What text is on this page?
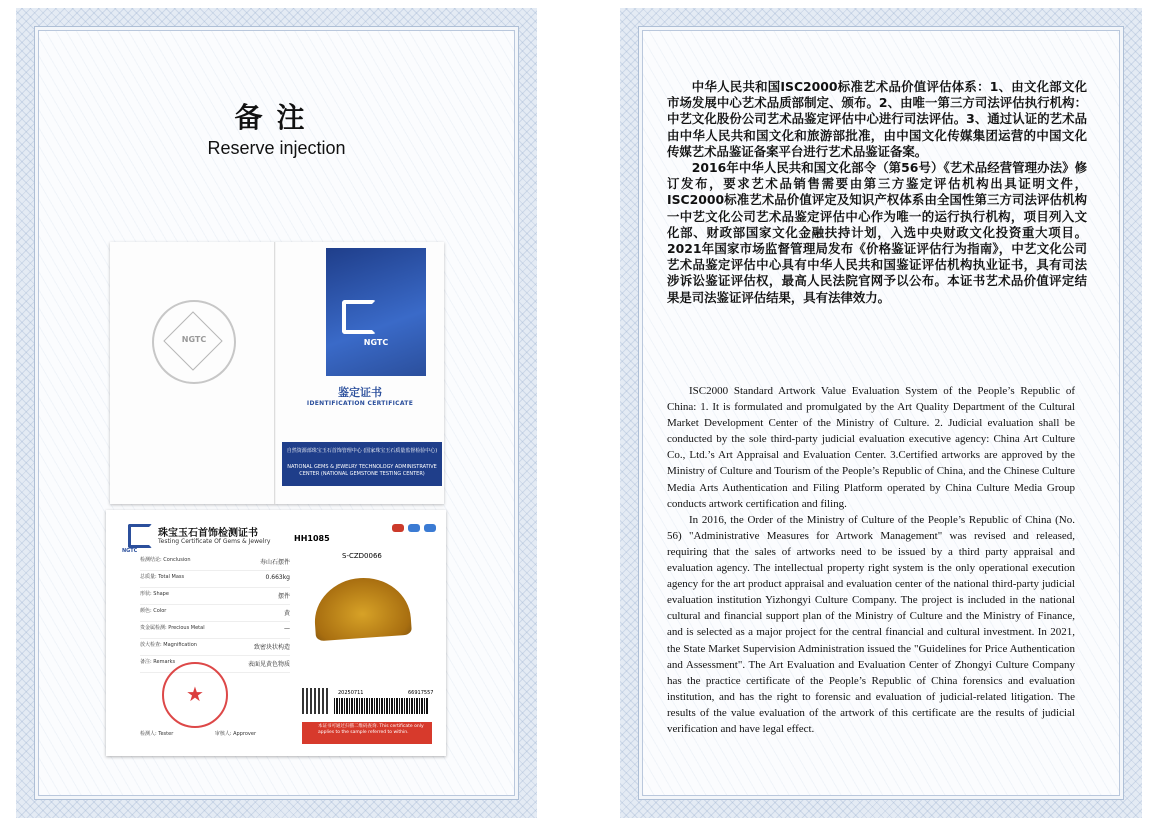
备注
Reserve injection
NGTC	NGTC
鉴定证书
IDENTIFICATION CERTIFICATE
自然资源部珠宝玉石首饰管理中心 (国家珠宝玉石质量监督检验中心)
NATIONAL GEMS & JEWELRY TECHNOLOGY ADMINISTRATIVE CENTER (NATIONAL GEMSTONE TESTING CENTER)
NGTC
珠宝玉石首饰检测证书
Testing Certificate Of Gems & Jewelry	HH1085
S-CZD0066
检测结论: Conclusion	寿山石摆件
总质量: Total Mass	0.663kg
形状: Shape	摆件
颜色: Color	黄
贵金属检测: Precious Metal	—
放大检查: Magnification	致密块状构造
备注: Remarks	表面见黄色物质
★
检测人: Tester	审核人: Approver
20250711	66917557
本证书可通过扫描二维码查询. This certificate only applies to the sample referred to within.

中华人民共和国ISC2000标准艺术品价值评估体系：1、由文化部文化市场发展中心艺术品质部制定、颁布。2、由唯一第三方司法评估执行机构：中艺文化股份公司艺术品鉴定评估中心进行司法评估。3、通过认证的艺术品由中华人民共和国文化和旅游部批准，由中国文化传媒集团运营的中国文化传媒艺术品鉴证备案平台进行艺术品鉴证备案。

2016年中华人民共和国文化部令（第56号）《艺术品经营管理办法》修订发布，要求艺术品销售需要由第三方鉴定评估机构出具证明文件，ISC2000标准艺术品价值评定及知识产权体系由全国性第三方司法评估机构一中艺文化公司艺术品鉴定评估中心作为唯一的运行执行机构，项目列入文化部、财政部国家文化金融扶持计划，入选中央财政文化投资重大项目。2021年国家市场监督管理局发布《价格鉴证评估行为指南》，中艺文化公司艺术品鉴定评估中心具有中华人民共和国鉴证评估机构执业证书，具有司法涉诉讼鉴证评估权，最高人民法院官网予以公布。本证书艺术品价值评定结果是司法鉴证评估结果，具有法律效力。

ISC2000 Standard Artwork Value Evaluation System of the People’s Republic of China: 1. It is formulated and promulgated by the Art Quality Department of the Cultural Market Development Center of the Ministry of Culture. 2. Judicial evaluation shall be conducted by the sole third-party judicial evaluation executive agency: China Art Culture Co., Ltd.’s Art Appraisal and Evaluation Center. 3.Certified artworks are approved by the Ministry of Culture and Tourism of the People’s Republic of China, and the Chinese Culture Media Arts Authentication and Filing Platform operated by China Culture Media Group conducts artwork certification and filing.

In 2016, the Order of the Ministry of Culture of the People’s Republic of China (No. 56) "Administrative Measures for Artwork Management" was revised and released, requiring that the sales of artworks need to be issued by a third party appraisal and evaluation agency. The intellectual property right system is the only operational execution agency for the art product appraisal and evaluation center of the national third-party judicial evaluation institution Yizhongyi Culture Company. The project is included in the national cultural and financial support plan of the Ministry of Culture and the Ministry of Finance, and is selected as a major project for the central financial and cultural investment. In 2021, the State Market Supervision Administration issued the "Guidelines for Price Authentication and Assessment". The Art Evaluation and Evaluation Center of Zhongyi Culture Company has the practice certificate of the People’s Republic of China forensics and evaluation institution, and has the right to forensic and evaluation of judicial-related litigation. The results of the value evaluation of the artwork of this certificate are the results of judicial verification and have legal effect.
